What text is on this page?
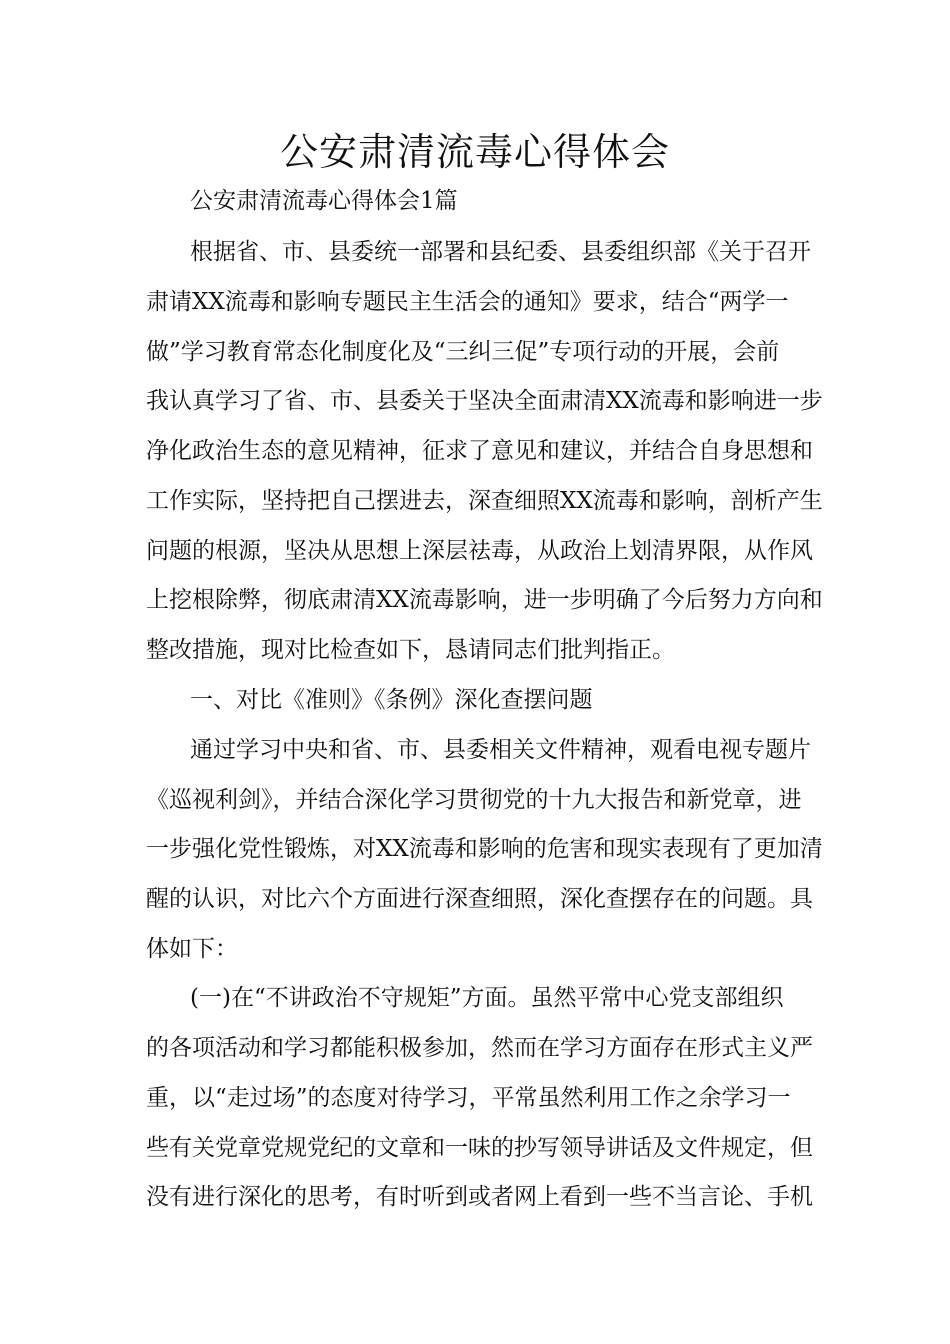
公安肃清流毒心得体会
公安肃清流毒心得体会1篇
根据省、市、县委统一部署和县纪委、县委组织部《关于召开
肃请XX流毒和影响专题民主生活会的通知》要求，结合“两学一
做”学习教育常态化制度化及“三纠三促”专项行动的开展，会前
我认真学习了省、市、县委关于坚决全面肃清XX流毒和影响进一步
净化政治生态的意见精神，征求了意见和建议，并结合自身思想和
工作实际，坚持把自己摆进去，深查细照XX流毒和影响，剖析产生
问题的根源，坚决从思想上深层祛毒，从政治上划清界限，从作风
上挖根除弊，彻底肃清XX流毒影响，进一步明确了今后努力方向和
整改措施，现对比检查如下，恳请同志们批判指正。
一、对比《准则》《条例》深化查摆问题
通过学习中央和省、市、县委相关文件精神，观看电视专题片
《巡视利剑》，并结合深化学习贯彻党的十九大报告和新党章，进
一步强化党性锻炼，对XX流毒和影响的危害和现实表现有了更加清
醒的认识，对比六个方面进行深查细照，深化查摆存在的问题。具
体如下：
(一)在“不讲政治不守规矩”方面。虽然平常中心党支部组织
的各项活动和学习都能积极参加，然而在学习方面存在形式主义严
重，以“走过场”的态度对待学习，平常虽然利用工作之余学习一
些有关党章党规党纪的文章和一味的抄写领导讲话及文件规定，但
没有进行深化的思考，有时听到或者网上看到一些不当言论、手机
